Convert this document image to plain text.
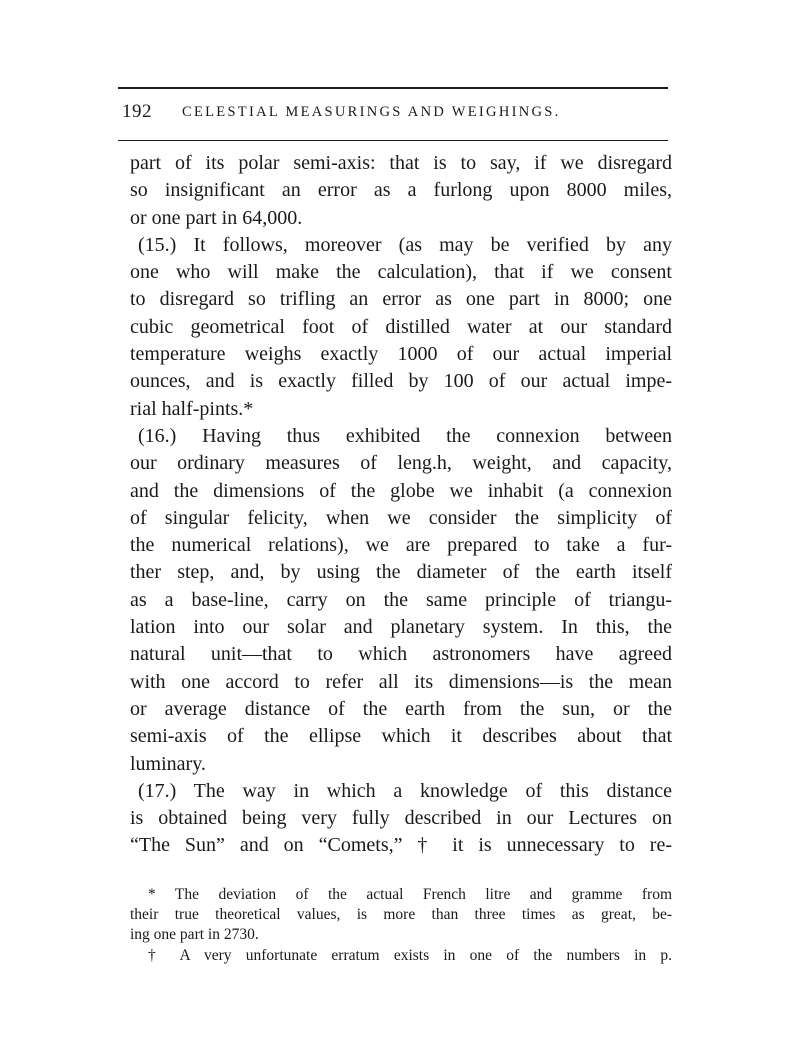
192 CELESTIAL MEASURINGS AND WEIGHINGS.
part of its polar semi-axis: that is to say, if we disregard
so insignificant an error as a furlong upon 8000 miles,
or one part in 64,000.
(15.) It follows, moreover (as may be verified by any
one who will make the calculation), that if we consent
to disregard so trifling an error as one part in 8000; one
cubic geometrical foot of distilled water at our standard
temperature weighs exactly 1000 of our actual imperial
ounces, and is exactly filled by 100 of our actual impe-
rial half-pints.*
(16.) Having thus exhibited the connexion between
our ordinary measures of leng.h, weight, and capacity,
and the dimensions of the globe we inhabit (a connexion
of singular felicity, when we consider the simplicity of
the numerical relations), we are prepared to take a fur-
ther step, and, by using the diameter of the earth itself
as a base-line, carry on the same principle of triangu-
lation into our solar and planetary system. In this, the
natural unit—that to which astronomers have agreed
with one accord to refer all its dimensions—is the mean
or average distance of the earth from the sun, or the
semi-axis of the ellipse which it describes about that
luminary.
(17.) The way in which a knowledge of this distance
is obtained being very fully described in our Lectures on
“The Sun” and on “Comets,” † it is unnecessary to re-
* The deviation of the actual French litre and gramme from
their true theoretical values, is more than three times as great, be-
ing one part in 2730.
† A very unfortunate erratum exists in one of the numbers in p.
